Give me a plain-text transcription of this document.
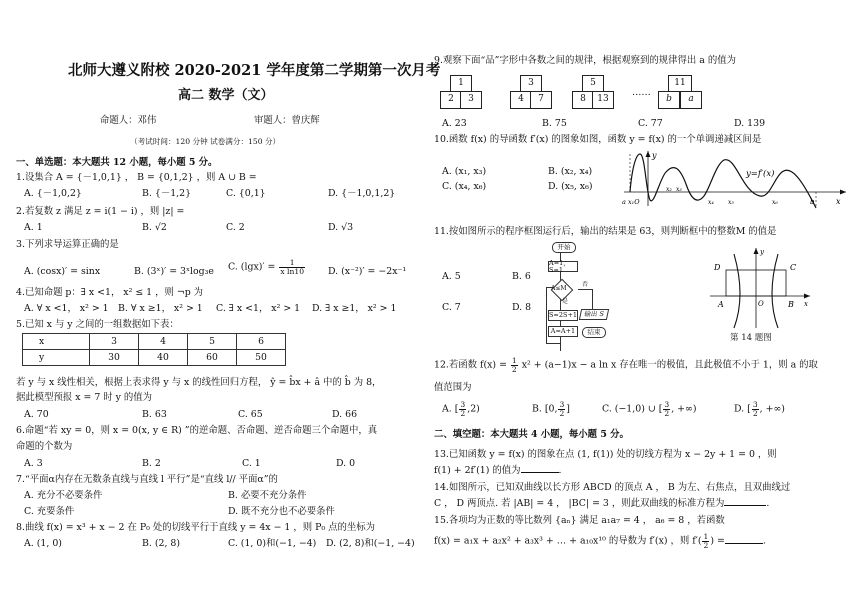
北师大遵义附校 2020-2021 学年度第二学期第一次月考
高二 数学（文）
命题人：邓伟	审题人：曾庆辉
（考试时间：120 分钟 试卷满分：150 分）
一、单选题：本大题共 12 小题，每小题 5 分。
1.设集合 A = {－1,0,1} ， B = {0,1,2} ，则 A ∪ B =
A. {－1,0,2}	B. {－1,2}	C. {0,1}	D. {－1,0,1,2}
2.若复数 z 满足 z = i(1 − i) ，则 |z| =
A. 1	B. √2	C. 2	D. √3
3.下列求导运算正确的是
A. (cosx)′ = sinx	B. (3ˣ)′ = 3ˣlog₃e C. $(\lg x)' = \frac{1}{\text{x ln10}} D$. (x⁻²)′ = −2x⁻¹
4.已知命题 p：∃ x <1， x² ≤ 1 ，则 ¬p 为
A. ∀ x <1， x² > 1 B. ∀ x ≥1， x² > 1 C. ∃ x <1， x² > 1 D. ∃ x ≥1， x² > 1
5.已知 x 与 y 之间的一组数据如下表：
x	3	4	5	6
y	30	40	60	50
若 y 与 x 线性相关，根据上表求得 y 与 x 的线性回归方程， ŷ = b̂x + â 中的 b̂ 为 8，
据此模型预报 x = 7 时 y 的值为
A. 70	B. 63	C. 65	D. 66
6.命题“若 xy = 0，则 x = 0(x, y ∈ R) ”的逆命题、否命题、逆否命题三个命题中，真
命题的个数为
A. 3	B. 2	C. 1	D. 0
7.“平面α内存在无数条直线与直线 l 平行”是“直线 l// 平面α”的
A. 充分不必要条件	B. 必要不充分条件
C. 充要条件	D. 既不充分也不必要条件
8.曲线 f(x) = x³ + x − 2 在 P₀ 处的切线平行于直线 y = 4x − 1 ，则 P₀ 点的坐标为
A. (1, 0)	B. (2, 8)	C. (1, 0)和(−1, −4) D. (2, 8)和(−1, −4)
9.观察下面“品”字形中各数之间的规律，根据观察到的规律得出 a 的值为
1
2	3
3
4	7
5
8	13
……
11
b	a
A. 23	B. 75	C. 77	D. 139
10.函数 f(x) 的导函数 f′(x) 的图象如图，函数 y = f(x) 的一个单调递减区间是
A. (x₁, x₃)	B. (x₂, x₄)
C. (x₄, x₆)	D. (x₅, x₆)
y
x
y=f′(x)
a x₁O
x₂ x₃
x₄ x₅	x₆	b
11.按如图所示的程序框图运行后，输出的结果是 63，则判断框中的整数M 的值是
A. 5	B. 6
C. 7	D. 8
开始
A=1，S=1
A≤M
否
是
S=2S+1
A=A+1
输出 S
结束
D	C
A	B
O	x
y
第 14 题图
12.若函数 $f(x) = \frac{1}{2} x^2 + (a-1)x - a$ ln x 存在唯一的极值，且此极值不小于 1，则 a 的取
值范围为
A. [ $\frac{3}{2} ,2$)	B. [0, $\frac{3}{2}$ ]	C. (−1,0) ∪ [ $\frac{3}{2}$ , +∞)	D. [ $\frac{3}{2}$ , +∞)
二、填空题：本大题共 4 小题，每小题 5 分。
13.已知函数 y = f(x) 的图象在点 (1, f(1)) 处的切线方程为 x − 2y + 1 = 0 ，则
f(1) + 2f′(1) 的值为	.
14.如图所示，已知双曲线以长方形 ABCD 的顶点 A ， B 为左、右焦点，且双曲线过
C ， D 两顶点. 若 |AB| = 4 ， |BC| = 3 ，则此双曲线的标准方程为	.
15.各项均为正数的等比数列 {aₙ} 满足 a₁a₇ = 4 ， a₆ = 8 ，若函数
f(x) = a₁x + a₂x² + a₃x³ + … + a₁₀x¹⁰ 的导数为 f′(x) ，则 $f'( \frac{1}{2}$ ) =	.
